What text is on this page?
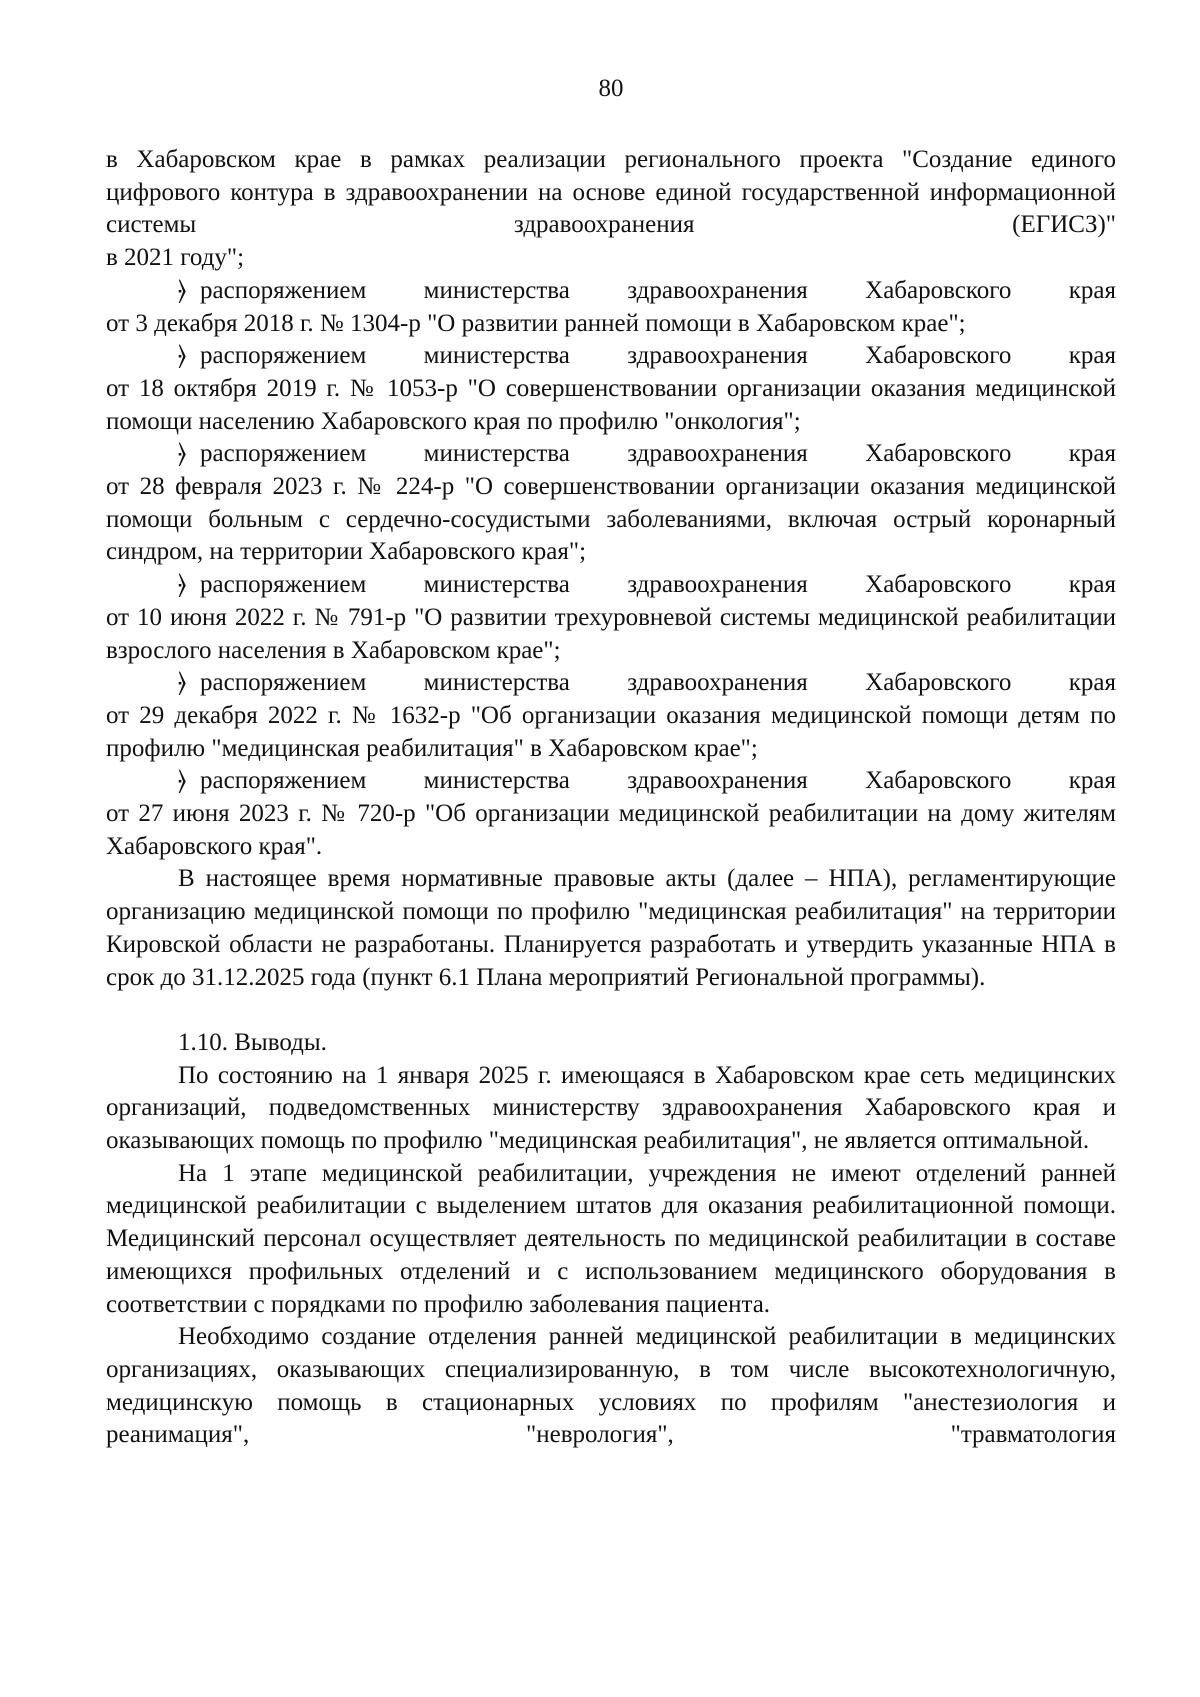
80

в Хабаровском крае в рамках реализации регионального проекта "Создание единого цифрового контура в здравоохранении на основе единой государственной информационной системы здравоохранения (ЕГИСЗ)"

в 2021 году";

⦒ распоряжением министерства здравоохранения Хабаровского края

от 3 декабря 2018 г. № 1304-р "О развитии ранней помощи в Хабаровском крае";

⦒ распоряжением министерства здравоохранения Хабаровского края

от 18 октября 2019 г. № 1053-р "О совершенствовании организации оказания медицинской помощи населению Хабаровского края по профилю "онкология";

⦒ распоряжением министерства здравоохранения Хабаровского края

от 28 февраля 2023 г. № 224-р "О совершенствовании организации оказания медицинской помощи больным с сердечно-сосудистыми заболеваниями, включая острый коронарный синдром, на территории Хабаровского края";

⦒ распоряжением министерства здравоохранения Хабаровского края

от 10 июня 2022 г. № 791-р "О развитии трехуровневой системы медицинской реабилитации взрослого населения в Хабаровском крае";

⦒ распоряжением министерства здравоохранения Хабаровского края

от 29 декабря 2022 г. № 1632-р "Об организации оказания медицинской помощи детям по профилю "медицинская реабилитация" в Хабаровском крае";

⦒ распоряжением министерства здравоохранения Хабаровского края

от 27 июня 2023 г. № 720-р "Об организации медицинской реабилитации на дому жителям Хабаровского края".

В настоящее время нормативные правовые акты (далее – НПА), регламентирующие организацию медицинской помощи по профилю "медицинская реабилитация" на территории Кировской области не разработаны. Планируется разработать и утвердить указанные НПА в срок до 31.12.2025 года (пункт 6.1 Плана мероприятий Региональной программы).

1.10. Выводы.

По состоянию на 1 января 2025 г. имеющаяся в Хабаровском крае сеть медицинских организаций, подведомственных министерству здравоохранения Хабаровского края и оказывающих помощь по профилю "медицинская реабилитация", не является оптимальной.

На 1 этапе медицинской реабилитации, учреждения не имеют отделений ранней медицинской реабилитации с выделением штатов для оказания реабилитационной помощи. Медицинский персонал осуществляет деятельность по медицинской реабилитации в составе имеющихся профильных отделений и с использованием медицинского оборудования в соответствии с порядками по профилю заболевания пациента.

Необходимо создание отделения ранней медицинской реабилитации в медицинских организациях, оказывающих специализированную, в том числе высокотехнологичную, медицинскую помощь в стационарных условиях по профилям "анестезиология и реанимация", "неврология", "травматология
